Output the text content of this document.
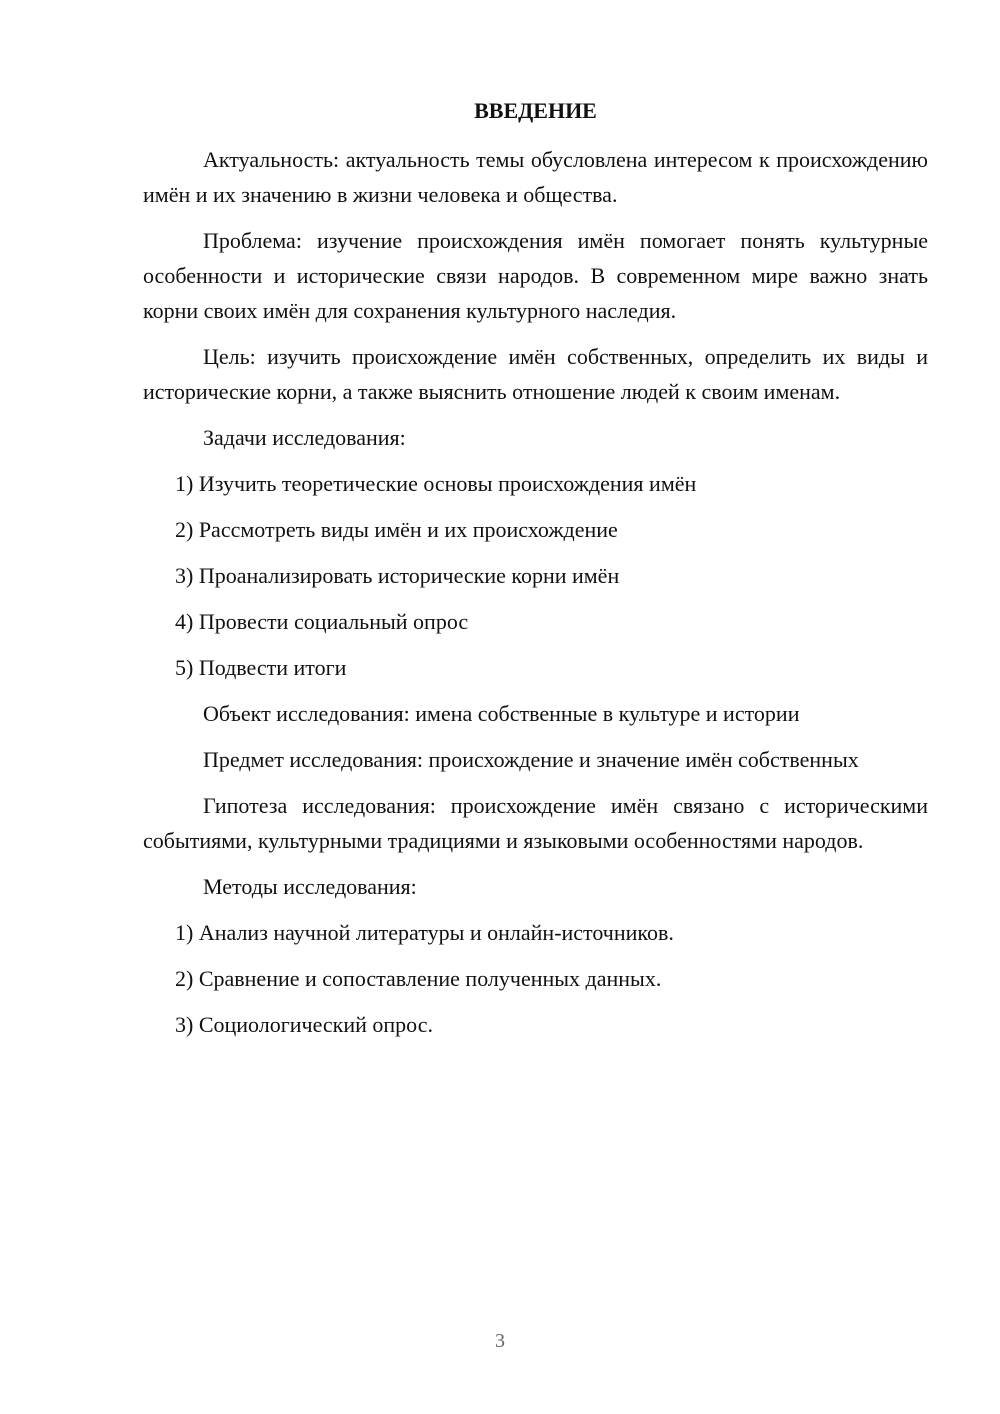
ВВЕДЕНИЕ

Актуальность: актуальность темы обусловлена интересом к происхождению имён и их значению в жизни человека и общества.

Проблема: изучение происхождения имён помогает понять культурные особенности и исторические связи народов. В современном мире важно знать корни своих имён для сохранения культурного наследия.

Цель: изучить происхождение имён собственных, определить их виды и исторические корни, а также выяснить отношение людей к своим именам.

Задачи исследования:
1) Изучить теоретические основы происхождения имён
2) Рассмотреть виды имён и их происхождение
3) Проанализировать исторические корни имён
4) Провести социальный опрос
5) Подвести итоги
Объект исследования: имена собственные в культуре и истории

Предмет исследования: происхождение и значение имён собственных

Гипотеза исследования: происхождение имён связано с историческими событиями, культурными традициями и языковыми особенностями народов.

Методы исследования:
1) Анализ научной литературы и онлайн-источников.
2) Сравнение и сопоставление полученных данных.
3) Социологический опрос.
3
